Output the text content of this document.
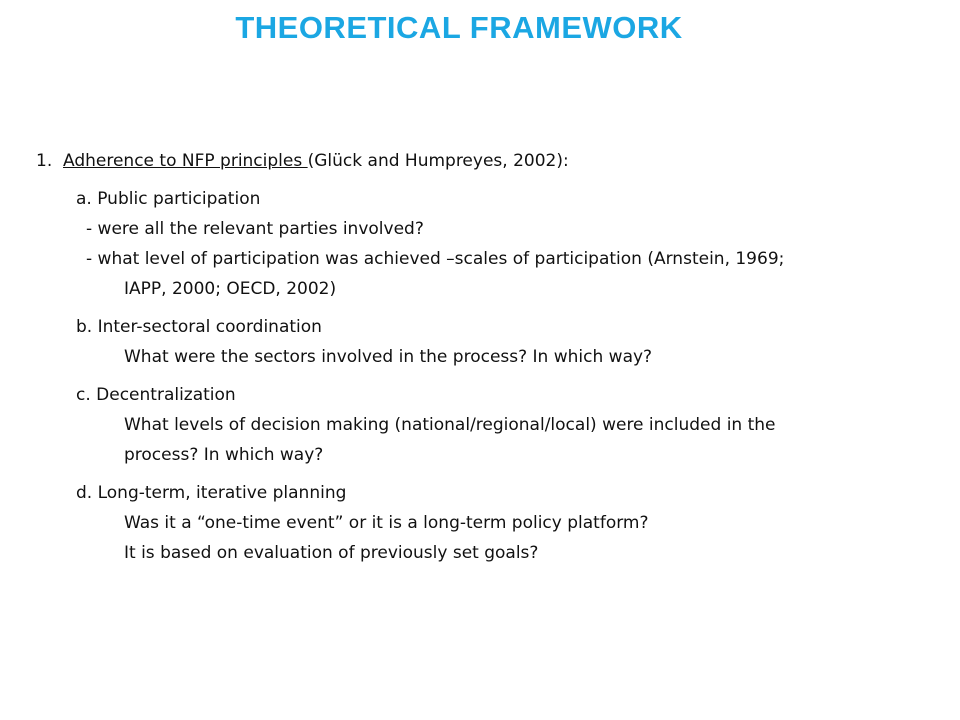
THEORETICAL FRAMEWORK
1. Adherence to NFP principles (Glück and Humpreyes, 2002):
a. Public participation
- were all the relevant parties involved?
- what level of participation was achieved –scales of participation (Arnstein, 1969;
IAPP, 2000; OECD, 2002)
b. Inter-sectoral coordination
What were the sectors involved in the process? In which way?
c. Decentralization
What levels of decision making (national/regional/local) were included in the
process? In which way?
d. Long-term, iterative planning
Was it a “one-time event” or it is a long-term policy platform?
It is based on evaluation of previously set goals?
